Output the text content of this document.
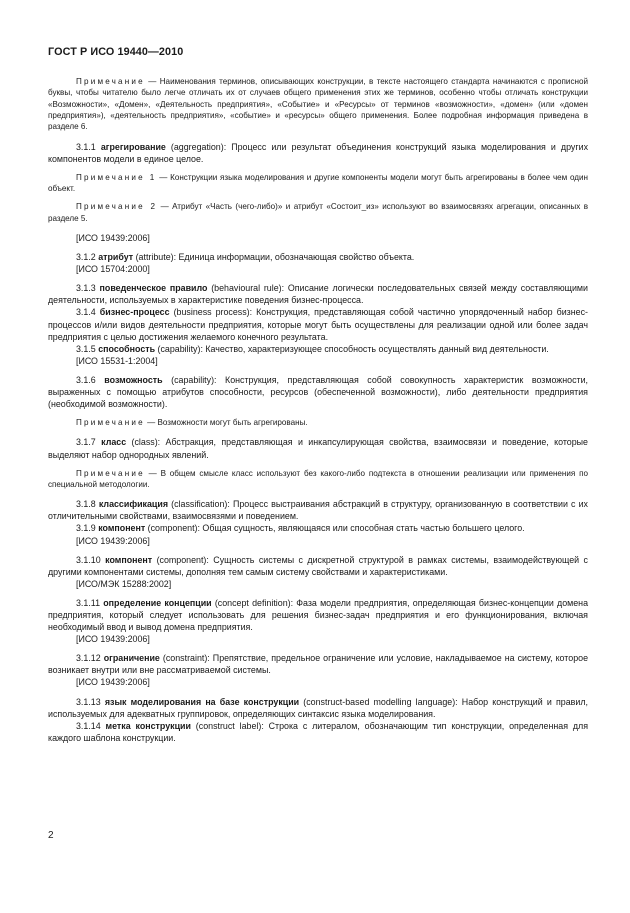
ГОСТ Р ИСО 19440—2010

Примечание — Наименования терминов, описывающих конструкции, в тексте настоящего стандарта начинаются с прописной буквы, чтобы читателю было легче отличать их от случаев общего применения этих же терминов, особенно чтобы отличать конструкции «Возможности», «Домен», «Деятельность предприятия», «Событие» и «Ресурсы» от терминов «возможности», «домен» (или «домен предприятия»), «деятельность предприятия», «событие» и «ресурсы» общего применения. Более подробная информация приведена в разделе 6.

3.1.1 агрегирование (aggregation): Процесс или результат объединения конструкций языка моделирования и других компонентов модели в единое целое.

Примечание 1 — Конструкции языка моделирования и другие компоненты модели могут быть агрегированы в более чем один объект.

Примечание 2 — Атрибут «Часть (чего-либо)» и атрибут «Состоит_из» используют во взаимосвязях агрегации, описанных в разделе 5.

[ИСО 19439:2006]

3.1.2 атрибут (attribute): Единица информации, обозначающая свойство объекта.

[ИСО 15704:2000]

3.1.3 поведенческое правило (behavioural rule): Описание логически последовательных связей между составляющими деятельности, используемых в характеристике поведения бизнес-процесса.

3.1.4 бизнес-процесс (business process): Конструкция, представляющая собой частично упорядоченный набор бизнес-процессов и/или видов деятельности предприятия, которые могут быть осуществлены для реализации одной или более задач предприятия с целью достижения желаемого конечного результата.

3.1.5 способность (capability): Качество, характеризующее способность осуществлять данный вид деятельности.

[ИСО 15531-1:2004]

3.1.6 возможность (capability): Конструкция, представляющая собой совокупность характеристик возможности, выраженных с помощью атрибутов способности, ресурсов (обеспеченной возможности), либо деятельности предприятия (необходимой возможности).

Примечание — Возможности могут быть агрегированы.

3.1.7 класс (class): Абстракция, представляющая и инкапсулирующая свойства, взаимосвязи и поведение, которые выделяют набор однородных явлений.

Примечание — В общем смысле класс используют без какого-либо подтекста в отношении реализации или применения по специальной методологии.

3.1.8 классификация (classification): Процесс выстраивания абстракций в структуру, организованную в соответствии с их отличительными свойствами, взаимосвязями и поведением.

3.1.9 компонент (component): Общая сущность, являющаяся или способная стать частью большего целого.

[ИСО 19439:2006]

3.1.10 компонент (component): Сущность системы с дискретной структурой в рамках системы, взаимодействующей с другими компонентами системы, дополняя тем самым систему свойствами и характеристиками.

[ИСО/МЭК 15288:2002]

3.1.11 определение концепции (concept definition): Фаза модели предприятия, определяющая бизнес-концепции домена предприятия, который следует использовать для решения бизнес-задач предприятия и его функционирования, включая необходимый ввод и вывод домена предприятия.

[ИСО 19439:2006]

3.1.12 ограничение (constraint): Препятствие, предельное ограничение или условие, накладываемое на систему, которое возникает внутри или вне рассматриваемой системы.

[ИСО 19439:2006]

3.1.13 язык моделирования на базе конструкции (construct-based modelling language): Набор конструкций и правил, используемых для адекватных группировок, определяющих синтаксис языка моделирования.

3.1.14 метка конструкции (construct label): Строка с литералом, обозначающим тип конструкции, определенная для каждого шаблона конструкции.

2
